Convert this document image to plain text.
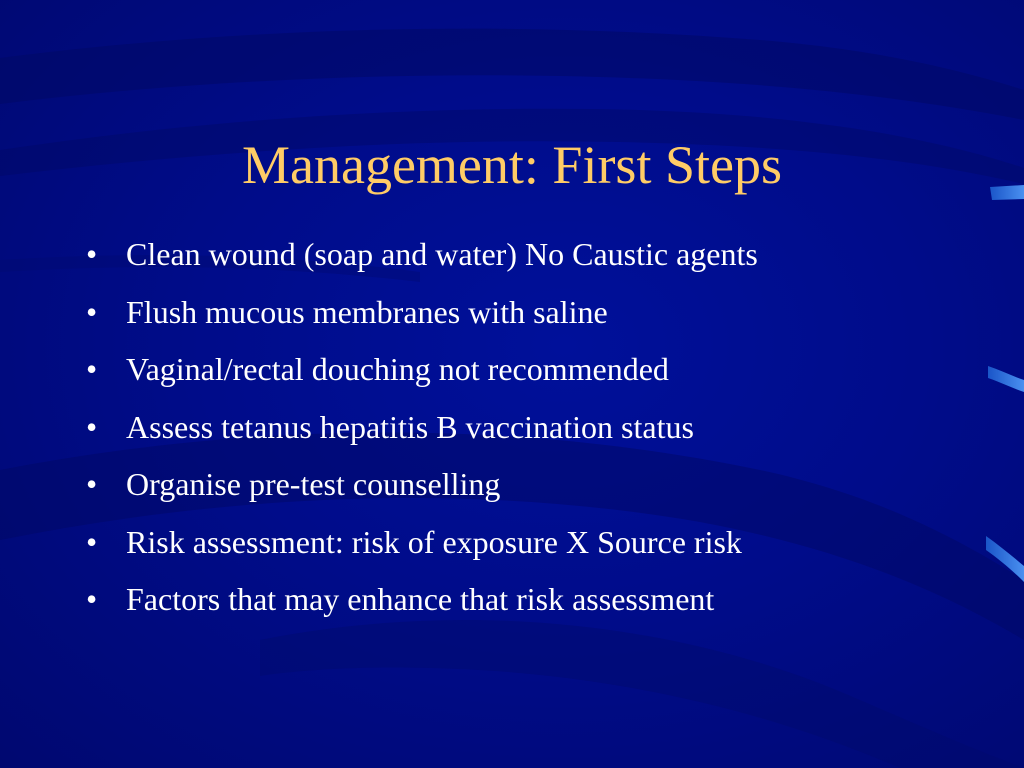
Management: First Steps
• Clean wound (soap and water) No Caustic agents
• Flush mucous membranes with saline
• Vaginal/rectal douching not recommended
• Assess tetanus hepatitis B vaccination status
• Organise pre-test counselling
• Risk assessment: risk of exposure X Source risk
• Factors that may enhance that risk assessment
